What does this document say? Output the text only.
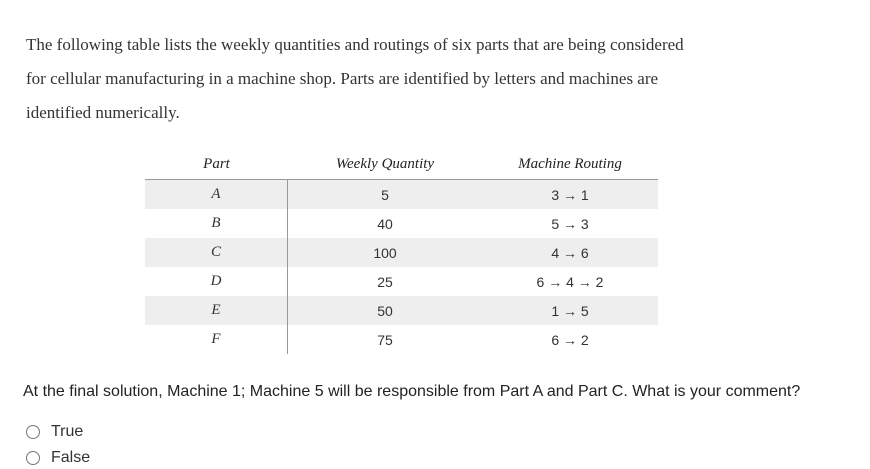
The following table lists the weekly quantities and routings of six parts that are being considered
for cellular manufacturing in a machine shop. Parts are identified by letters and machines are
identified numerically.
Part	Weekly Quantity	Machine Routing
A	5	3 → 1
B	40	5 → 3
C	100	4 → 6
D	25	6 → 4 → 2
E	50	1 → 5
F	75	6 → 2
At the final solution, Machine 1; Machine 5 will be responsible from Part A and Part C. What is your comment?
True
False
